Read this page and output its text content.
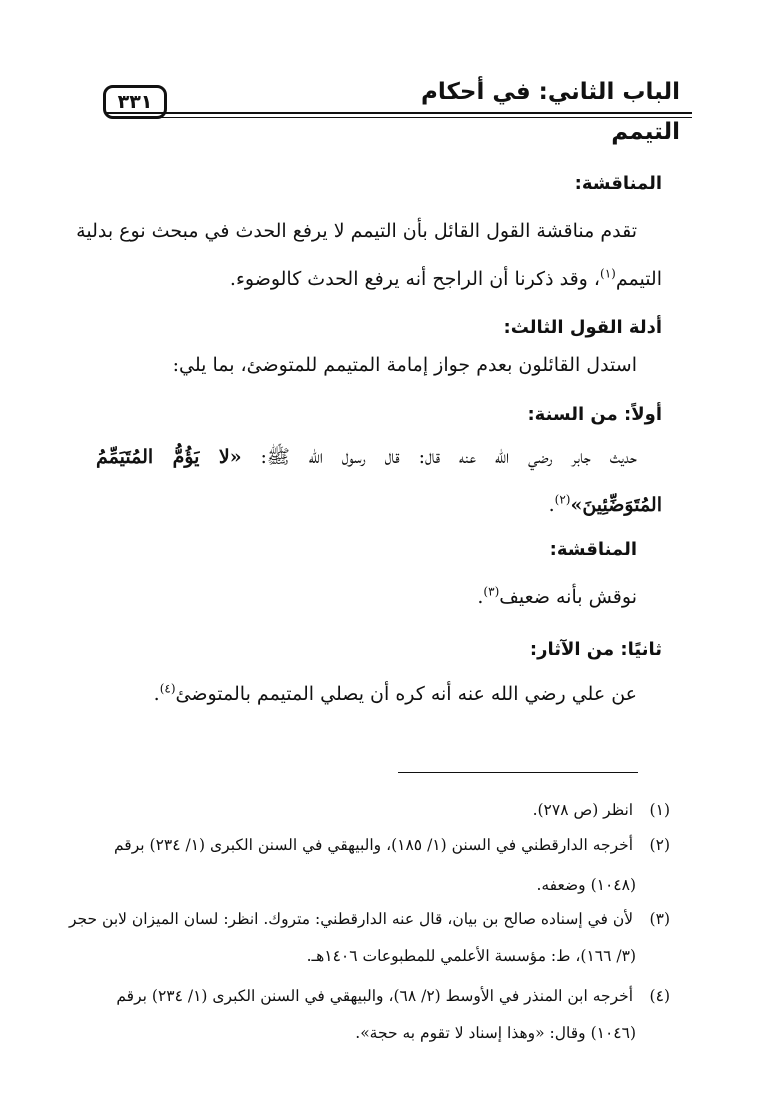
الباب الثاني: في أحكام التيمم
٣٣١
المناقشة:
تقدم مناقشة القول القائل بأن التيمم لا يرفع الحدث في مبحث نوع بدلية
التيمم$^{(١)}$، وقد ذكرنا أن الراجح أنه يرفع الحدث كالوضوء.
أدلة القول الثالث:
استدل القائلون بعدم جواز إمامة المتيمم للمتوضئ، بما يلي:
أولاً: من السنة:
حديث جابر رضي الله عنه قال: قال رسول الله ﷺ: «لا يَؤُمُّ المُتَيَمِّمُ
المُتَوَضِّئِينَ»$^{(٢)}$.
المناقشة:
نوقش بأنه ضعيف$^{(٣)}$.
ثانيًا: من الآثار:
عن علي رضي الله عنه أنه كره أن يصلي المتيمم بالمتوضئ$^{(٤)}$.
(١) انظر (ص ٢٧٨).
(٢) أخرجه الدارقطني في السنن (١/ ١٨٥)، والبيهقي في السنن الكبرى (١/ ٢٣٤) برقم
(١٠٤٨) وضعفه.
(٣) لأن في إسناده صالح بن بيان، قال عنه الدارقطني: متروك. انظر: لسان الميزان لابن حجر
(٣/ ١٦٦)، ط: مؤسسة الأعلمي للمطبوعات ١٤٠٦هـ.
(٤) أخرجه ابن المنذر في الأوسط (٢/ ٦٨)، والبيهقي في السنن الكبرى (١/ ٢٣٤) برقم
(١٠٤٦) وقال: «وهذا إسناد لا تقوم به حجة».
